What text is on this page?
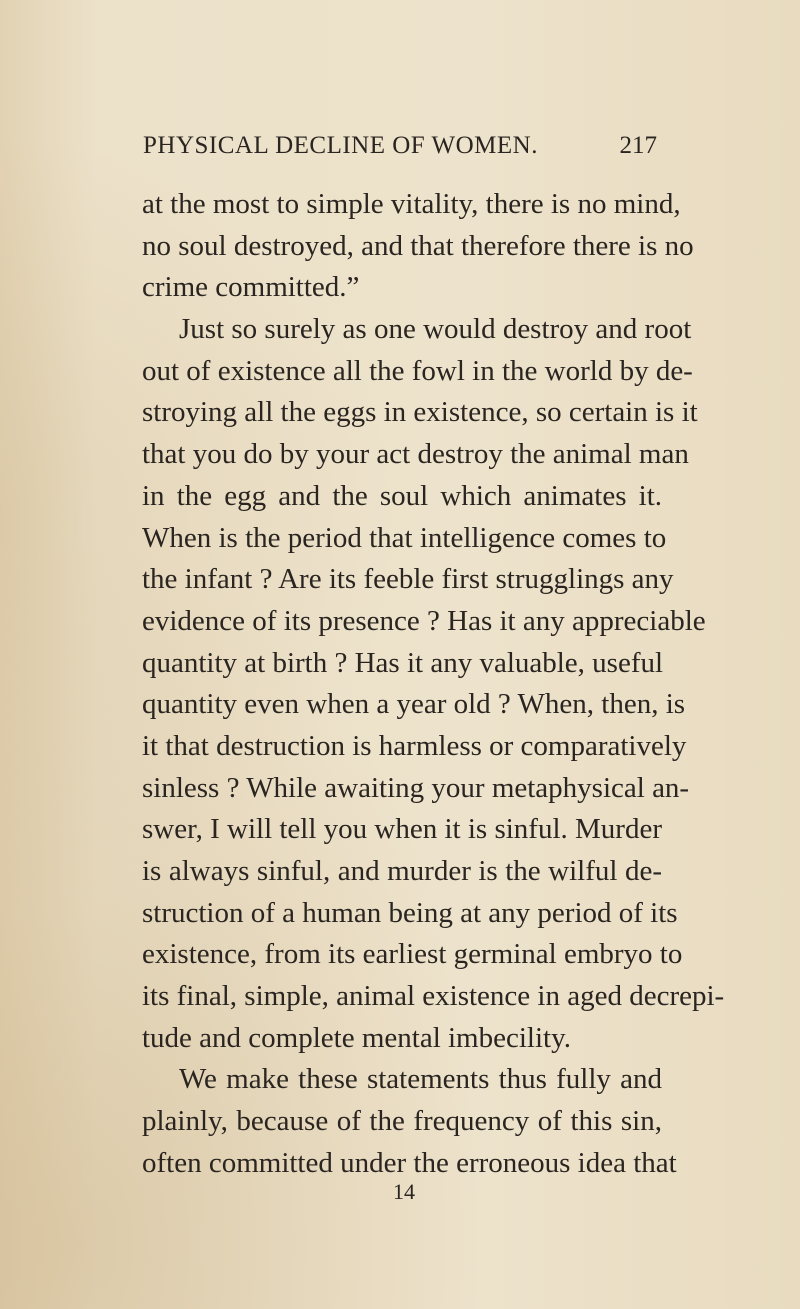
PHYSICAL DECLINE OF WOMEN.	217
at the most to simple vitality, there is no mind,
no soul destroyed, and that therefore there is no
crime committed.”
Just so surely as one would destroy and root
out of existence all the fowl in the world by de-
stroying all the eggs in existence, so certain is it
that you do by your act destroy the animal man
in the egg and the soul which animates it.
When is the period that intelligence comes to
the infant ? Are its feeble first strugglings any
evidence of its presence ? Has it any appreciable
quantity at birth ? Has it any valuable, useful
quantity even when a year old ? When, then, is
it that destruction is harmless or comparatively
sinless ? While awaiting your metaphysical an-
swer, I will tell you when it is sinful. Murder
is always sinful, and murder is the wilful de-
struction of a human being at any period of its
existence, from its earliest germinal embryo to
its final, simple, animal existence in aged decrepi-
tude and complete mental imbecility.
We make these statements thus fully and
plainly, because of the frequency of this sin,
often committed under the erroneous idea that
14
